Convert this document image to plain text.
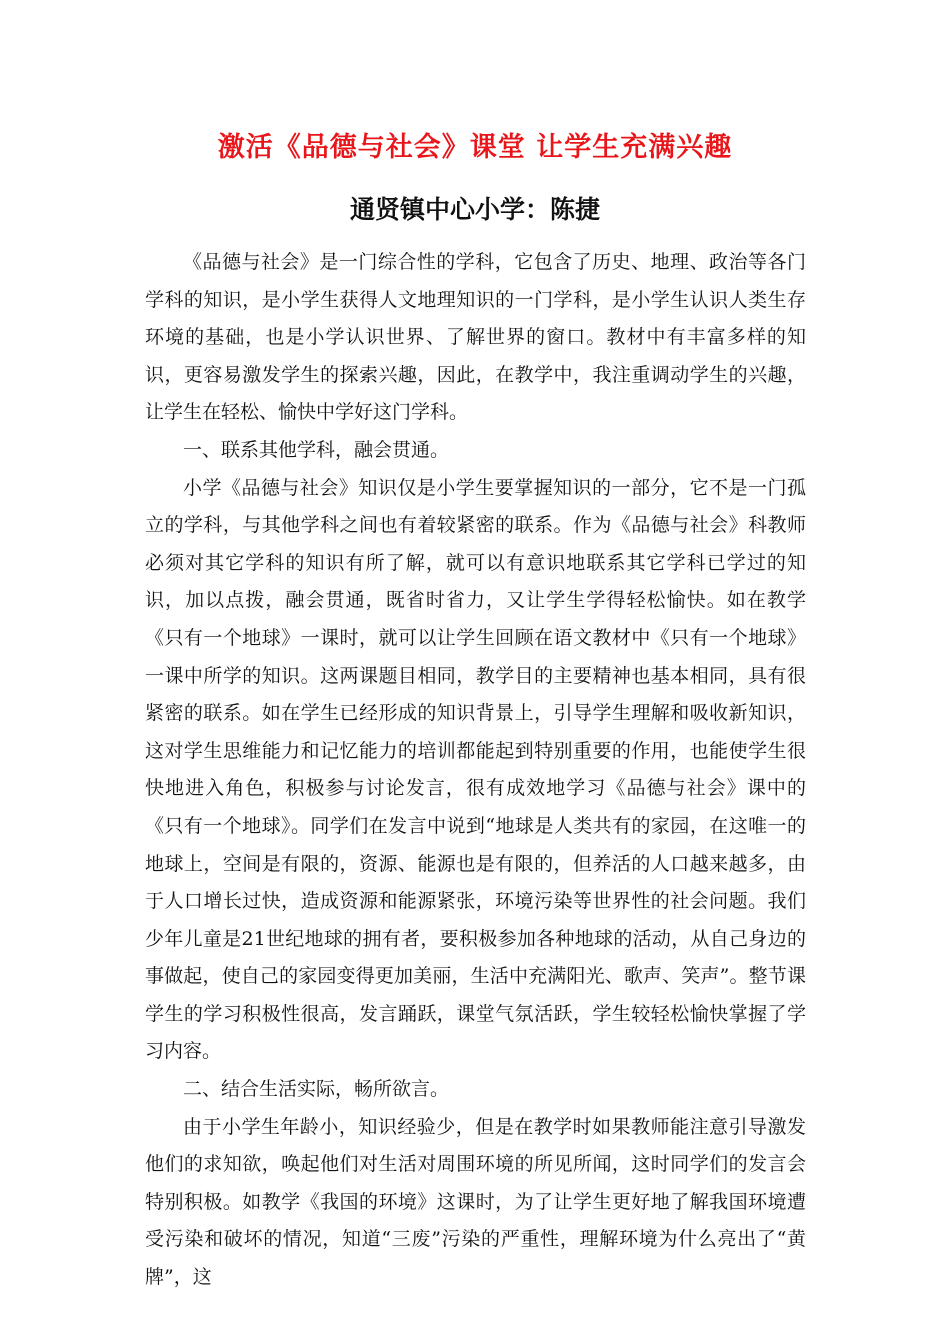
激活《品德与社会》课堂 让学生充满兴趣
通贤镇中心小学：陈捷

《品德与社会》是一门综合性的学科，它包含了历史、地理、政治等各门学科的知识，是小学生获得人文地理知识的一门学科，是小学生认识人类生存环境的基础，也是小学认识世界、了解世界的窗口。教材中有丰富多样的知识，更容易激发学生的探索兴趣，因此，在教学中，我注重调动学生的兴趣，让学生在轻松、愉快中学好这门学科。

一、联系其他学科，融会贯通。

小学《品德与社会》知识仅是小学生要掌握知识的一部分，它不是一门孤立的学科，与其他学科之间也有着较紧密的联系。作为《品德与社会》科教师必须对其它学科的知识有所了解，就可以有意识地联系其它学科已学过的知识，加以点拨，融会贯通，既省时省力，又让学生学得轻松愉快。如在教学《只有一个地球》一课时，就可以让学生回顾在语文教材中《只有一个地球》一课中所学的知识。这两课题目相同，教学目的主要精神也基本相同，具有很紧密的联系。如在学生已经形成的知识背景上，引导学生理解和吸收新知识，这对学生思维能力和记忆能力的培训都能起到特别重要的作用，也能使学生很快地进入角色，积极参与讨论发言，很有成效地学习《品德与社会》课中的《只有一个地球》。同学们在发言中说到“地球是人类共有的家园，在这唯一的地球上，空间是有限的，资源、能源也是有限的，但养活的人口越来越多，由于人口增长过快，造成资源和能源紧张，环境污染等世界性的社会问题。我们少年儿童是21世纪地球的拥有者，要积极参加各种地球的活动，从自己身边的事做起，使自己的家园变得更加美丽，生活中充满阳光、歌声、笑声”。整节课学生的学习积极性很高，发言踊跃，课堂气氛活跃，学生较轻松愉快掌握了学习内容。

二、结合生活实际，畅所欲言。

由于小学生年龄小，知识经验少，但是在教学时如果教师能注意引导激发他们的求知欲，唤起他们对生活对周围环境的所见所闻，这时同学们的发言会特别积极。如教学《我国的环境》这课时，为了让学生更好地了解我国环境遭受污染和破坏的情况，知道“三废”污染的严重性，理解环境为什么亮出了“黄牌”，这
